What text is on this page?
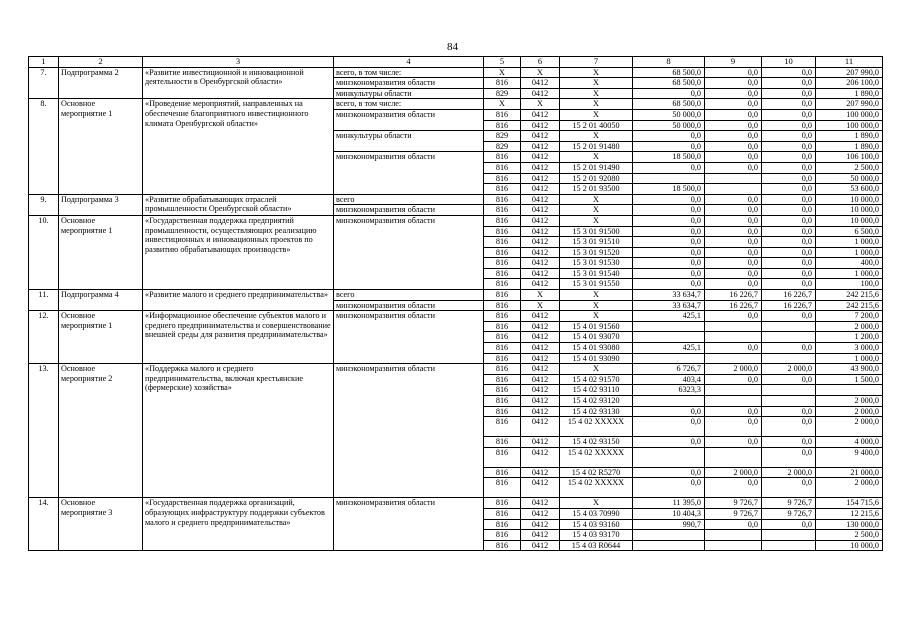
84
1	2	3	4	5	6	7	8	9	10	11
7.	Подпрограмма 2	«Развитие инвестиционной и инновационной деятельности в Оренбургской области»	всего, в том числе:	X	X	X	68 500,0	0,0	0,0	207 990,0
			минэкономразвития области	816	0412	X	68 500,0	0,0	0,0	206 100,0
			минкультуры области	829	0412	X	0,0	0,0	0,0	1 890,0
8.	Основное мероприятие 1	«Проведение мероприятий, направленных на обеспечение благоприятного инвестиционного климата Оренбургской области»	всего, в том числе:	X	X	X	68 500,0	0,0	0,0	207 990,0
			минэкономразвития области	816	0412	X	50 000,0	0,0	0,0	100 000,0
				816	0412	15 2 01 40050	50 000,0	0,0	0,0	100 000,0
			минкультуры области	829	0412	X	0,0	0,0	0,0	1 890,0
				829	0412	15 2 01 91480	0,0	0,0	0,0	1 890,0
			минэкономразвития области	816	0412	X	18 500,0	0,0	0,0	106 100,0
				816	0412	15 2 01 91490	0,0	0,0	0,0	2 500,0
				816	0412	15 2 01 92080			0,0	50 000,0
				816	0412	15 2 01 93500	18 500,0		0,0	53 600,0
9.	Подпрограмма 3	«Развитие обрабатывающих отраслей промышленности Оренбургской области»	всего	816	0412	X	0,0	0,0	0,0	10 000,0
			минэкономразвития области	816	0412	X	0,0	0,0	0,0	10 000,0
10.	Основное мероприятие 1	«Государственная поддержка предприятий промышленности, осуществляющих реализацию инвестиционных и инновационных проектов по развитию обрабатывающих производств»	минэкономразвития области	816	0412	X	0,0	0,0	0,0	10 000,0
				816	0412	15 3 01 91500	0,0	0,0	0,0	6 500,0
				816	0412	15 3 01 91510	0,0	0,0	0,0	1 000,0
				816	0412	15 3 01 91520	0,0	0,0	0,0	1 000,0
				816	0412	15 3 01 91530	0,0	0,0	0,0	400,0
				816	0412	15 3 01 91540	0,0	0,0	0,0	1 000,0
				816	0412	15 3 01 91550	0,0	0,0	0,0	100,0
11.	Подпрограмма 4	«Развитие малого и среднего предпринимательства»	всего	816	X	X	33 634,7	16 226,7	16 226,7	242 215,6
			минэкономразвития области	816	X	X	33 634,7	16 226,7	16 226,7	242 215,6
12.	Основное мероприятие 1	«Информационное обеспечение субъектов малого и среднего предпринимательства и совершенствование внешней среды для развития предпринимательства»	минэкономразвития области	816	0412	X	425,1	0,0	0,0	7 200,0
				816	0412	15 4 01 91560				2 000,0
				816	0412	15 4 01 93070				1 200,0
				816	0412	15 4 01 93080	425,1	0,0	0,0	3 000,0
				816	0412	15 4 01 93090				1 000,0
13.	Основное мероприятие 2	«Поддержка малого и среднего предпринимательства, включая крестьянские (фермерские) хозяйства»	минэкономразвития области	816	0412	X	6 726,7	2 000,0	2 000,0	43 900,0
				816	0412	15 4 02 91570	403,4	0,0	0,0	1 500,0
				816	0412	15 4 02 93110	6323,3			
				816	0412	15 4 02 93120				2 000,0
				816	0412	15 4 02 93130	0,0	0,0	0,0	2 000,0
				816	0412	15 4 02 XXXXX	0,0	0,0	0,0	2 000,0
				816	0412	15 4 02 93150	0,0	0,0	0,0	4 000,0
				816	0412	15 4 02 XXXXX			0,0	9 400,0
				816	0412	15 4 02 R5270	0,0	2 000,0	2 000,0	21 000,0
				816	0412	15 4 02 XXXXX	0,0	0,0	0,0	2 000,0
14.	Основное мероприятие 3	«Государственная поддержка организаций, образующих инфраструктуру поддержки субъектов малого и среднего предпринимательства»	минэкономразвития области	816	0412	X	11 395,0	9 726,7	9 726,7	154 715,6
				816	0412	15 4 03 70990	10 404,3	9 726,7	9 726,7	12 215,6
				816	0412	15 4 03 93160	990,7	0,0	0,0	130 000,0
				816	0412	15 4 03 93170				2 500,0
				816	0412	15 4 03 R0644				10 000,0
